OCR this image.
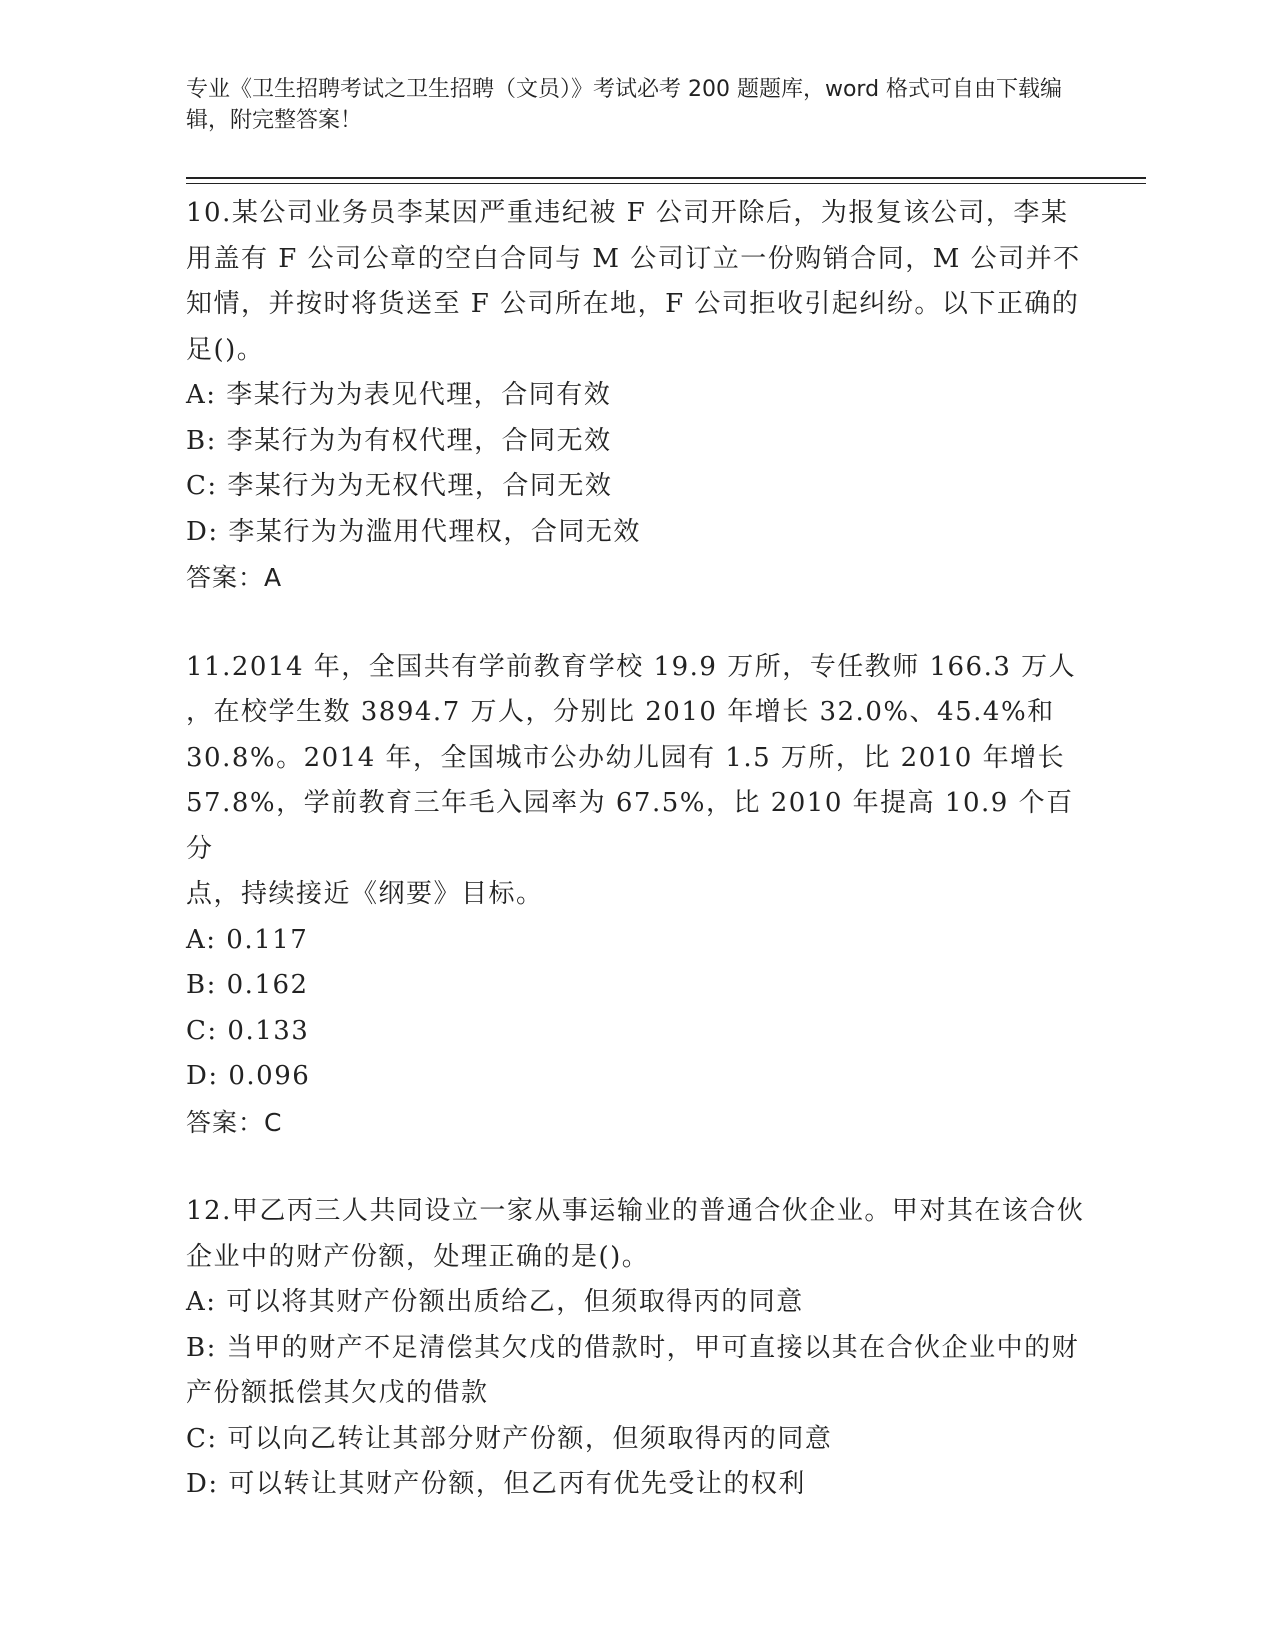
专业《卫生招聘考试之卫生招聘（文员）》考试必考 200 题题库，word 格式可自由下载编辑，附完整答案！
10.某公司业务员李某因严重违纪被 F 公司开除后，为报复该公司，李某用盖有 F 公司公章的空白合同与 M 公司订立一份购销合同，M 公司并不知情，并按时将货送至 F 公司所在地，F 公司拒收引起纠纷。以下正确的足()。
A: 李某行为为表见代理，合同有效
B: 李某行为为有权代理，合同无效
C: 李某行为为无权代理，合同无效
D: 李某行为为滥用代理权，合同无效
答案：A
11.2014 年，全国共有学前教育学校 19.9 万所，专任教师 166.3 万人
，在校学生数 3894.7 万人，分别比 2010 年增长 32.0%、45.4%和
30.8%。2014 年，全国城市公办幼儿园有 1.5 万所，比 2010 年增长
57.8%，学前教育三年毛入园率为 67.5%，比 2010 年提高 10.9 个百分
点，持续接近《纲要》目标。
A: 0.117
B: 0.162
C: 0.133
D: 0.096
答案：C
12.甲乙丙三人共同设立一家从事运输业的普通合伙企业。甲对其在该合伙企业中的财产份额，处理正确的是()。
A: 可以将其财产份额出质给乙，但须取得丙的同意
B: 当甲的财产不足清偿其欠戊的借款时，甲可直接以其在合伙企业中的财产份额抵偿其欠戊的借款
C: 可以向乙转让其部分财产份额，但须取得丙的同意
D: 可以转让其财产份额，但乙丙有优先受让的权利
